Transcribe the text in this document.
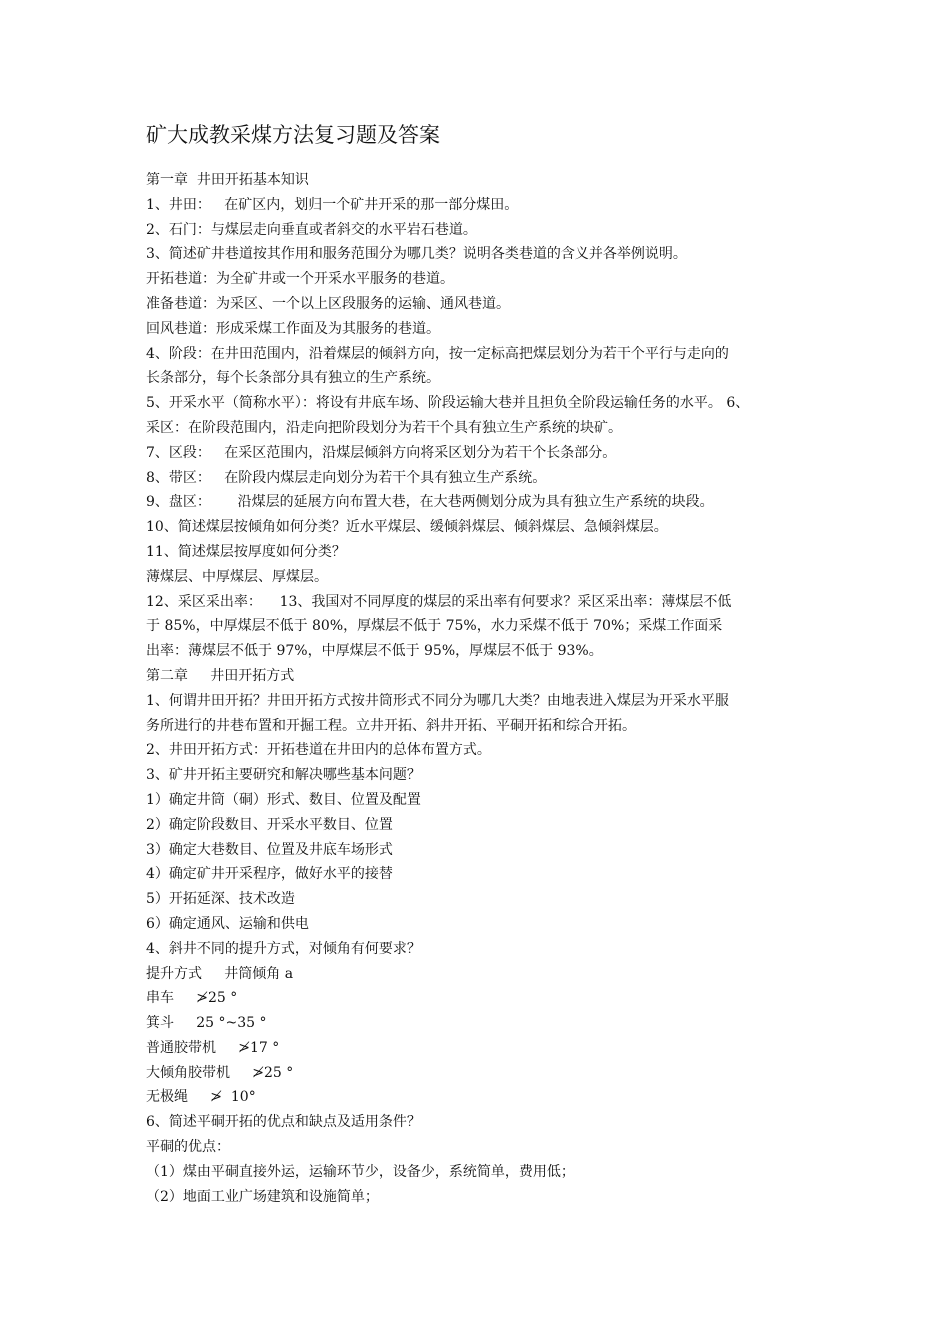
矿大成教采煤方法复习题及答案
第一章  井田开拓基本知识
1、井田：   在矿区内，划归一个矿井开采的那一部分煤田。
2、石门：与煤层走向垂直或者斜交的水平岩石巷道。
3、简述矿井巷道按其作用和服务范围分为哪几类？说明各类巷道的含义并各举例说明。
开拓巷道：为全矿井或一个开采水平服务的巷道。
准备巷道：为采区、一个以上区段服务的运输、通风巷道。
回风巷道：形成采煤工作面及为其服务的巷道。
4、阶段：在井田范围内，沿着煤层的倾斜方向，按一定标高把煤层划分为若干个平行与走向的
长条部分，每个长条部分具有独立的生产系统。
5、开采水平（简称水平）：将设有井底车场、阶段运输大巷并且担负全阶段运输任务的水平。 6、
采区：在阶段范围内，沿走向把阶段划分为若干个具有独立生产系统的块矿。
7、区段：   在采区范围内，沿煤层倾斜方向将采区划分为若干个长条部分。
8、带区：   在阶段内煤层走向划分为若干个具有独立生产系统。
9、盘区：      沿煤层的延展方向布置大巷，在大巷两侧划分成为具有独立生产系统的块段。
10、简述煤层按倾角如何分类？近水平煤层、缓倾斜煤层、倾斜煤层、急倾斜煤层。
11、简述煤层按厚度如何分类？
薄煤层、中厚煤层、厚煤层。
12、采区采出率：    13、我国对不同厚度的煤层的采出率有何要求？采区采出率：薄煤层不低
于 85%，中厚煤层不低于 80%，厚煤层不低于 75%，水力采煤不低于 70%；采煤工作面采
出率：薄煤层不低于 97%，中厚煤层不低于 95%，厚煤层不低于 93%。
第二章     井田开拓方式
1、何谓井田开拓？井田开拓方式按井筒形式不同分为哪几大类？由地表进入煤层为开采水平服
务所进行的井巷布置和开掘工程。立井开拓、斜井开拓、平硐开拓和综合开拓。
2、井田开拓方式：开拓巷道在井田内的总体布置方式。
3、矿井开拓主要研究和解决哪些基本问题？
1）确定井筒（硐）形式、数目、位置及配置
2）确定阶段数目、开采水平数目、位置
3）确定大巷数目、位置及井底车场形式
4）确定矿井开采程序，做好水平的接替
5）开拓延深、技术改造
6）确定通风、运输和供电
4、斜井不同的提升方式，对倾角有何要求？
提升方式     井筒倾角 a
串车     ≯25 °
箕斗     25 °~35 °
普通胶带机     ≯17 °
大倾角胶带机     ≯25 °
无极绳     ≯  10°
6、简述平硐开拓的优点和缺点及适用条件？
平硐的优点：
（1）煤由平硐直接外运，运输环节少，设备少，系统简单，费用低；
（2）地面工业广场建筑和设施简单；
